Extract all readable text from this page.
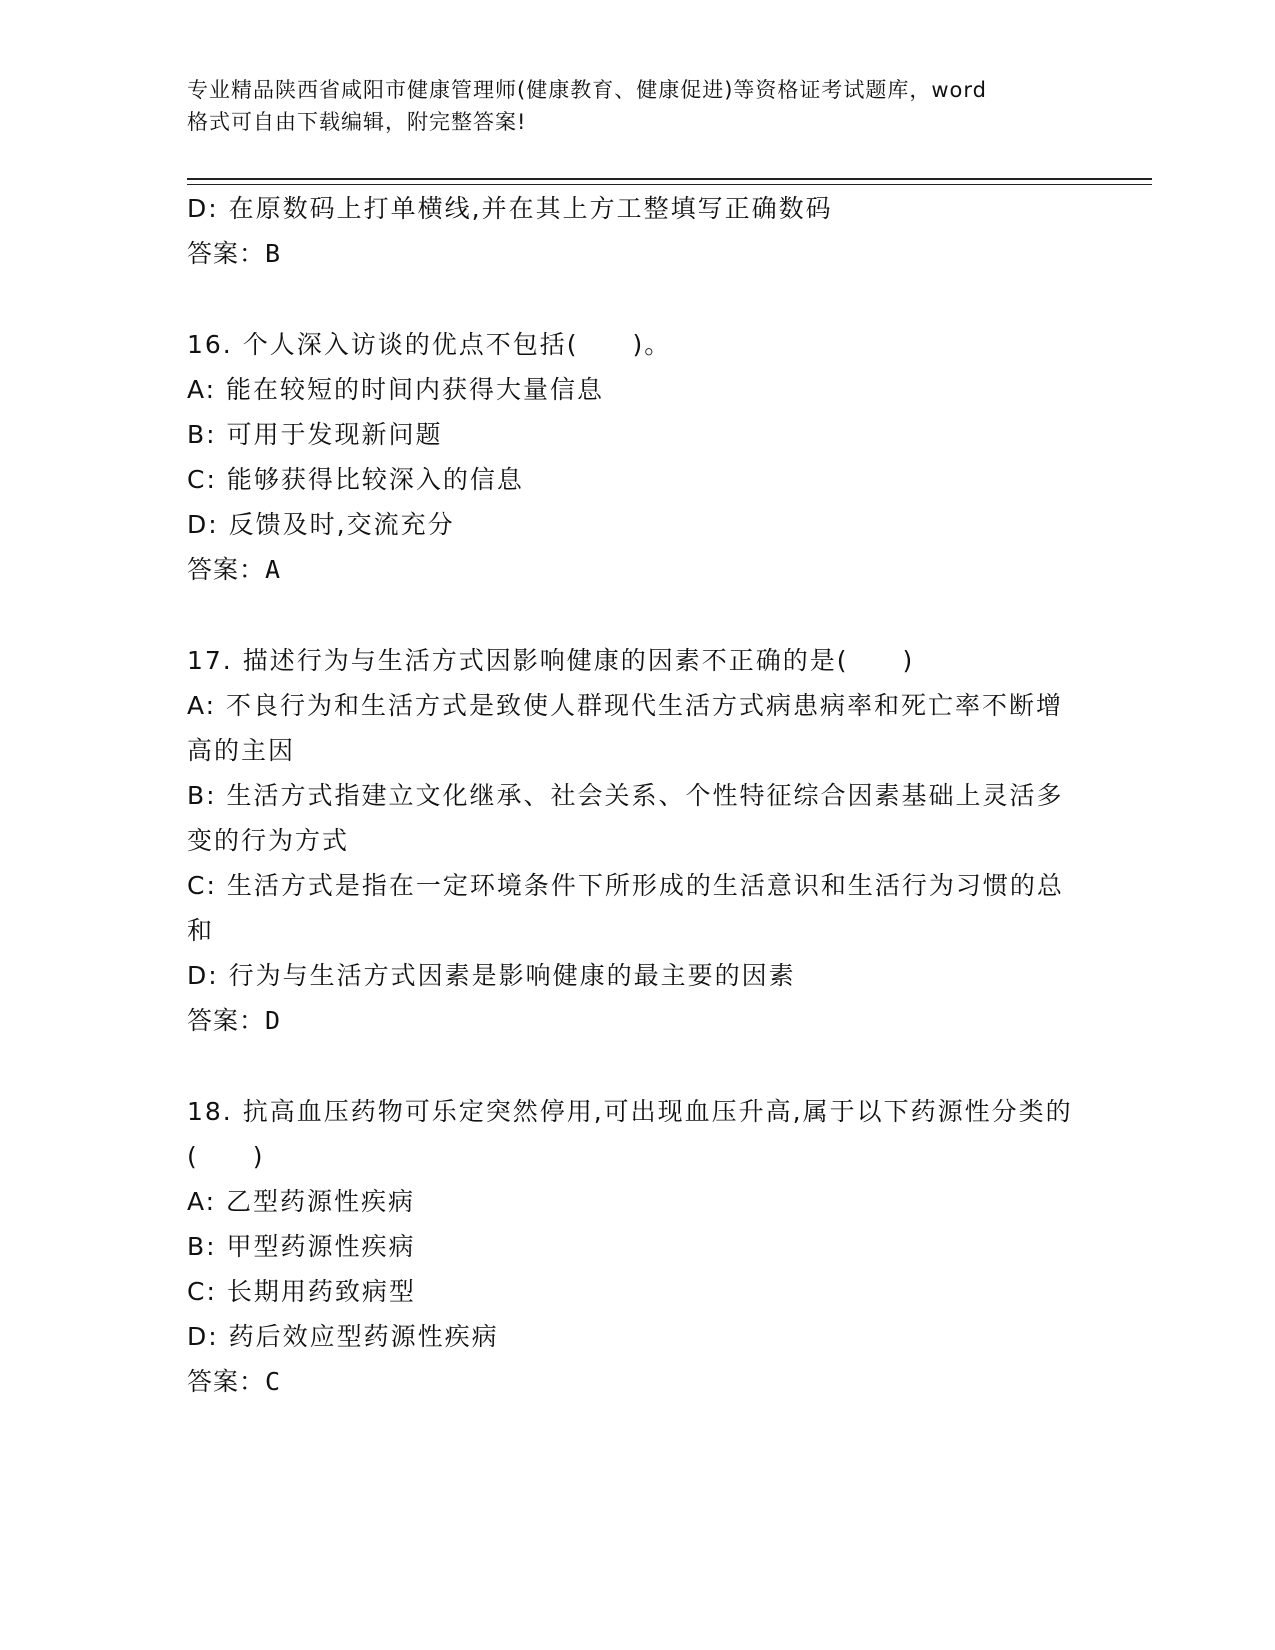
专业精品陕西省咸阳市健康管理师(健康教育、健康促进)等资格证考试题库，word
格式可自由下载编辑，附完整答案!
D: 在原数码上打单横线,并在其上方工整填写正确数码
答案：B
16. 个人深入访谈的优点不包括(　　)。
A: 能在较短的时间内获得大量信息
B: 可用于发现新问题
C: 能够获得比较深入的信息
D: 反馈及时,交流充分
答案：A
17. 描述行为与生活方式因影响健康的因素不正确的是(　　)
A: 不良行为和生活方式是致使人群现代生活方式病患病率和死亡率不断增高的主因
B: 生活方式指建立文化继承、社会关系、个性特征综合因素基础上灵活多变的行为方式
C: 生活方式是指在一定环境条件下所形成的生活意识和生活行为习惯的总和
D: 行为与生活方式因素是影响健康的最主要的因素
答案：D
18. 抗高血压药物可乐定突然停用,可出现血压升高,属于以下药源性分类的(　　)
A: 乙型药源性疾病
B: 甲型药源性疾病
C: 长期用药致病型
D: 药后效应型药源性疾病
答案：C
